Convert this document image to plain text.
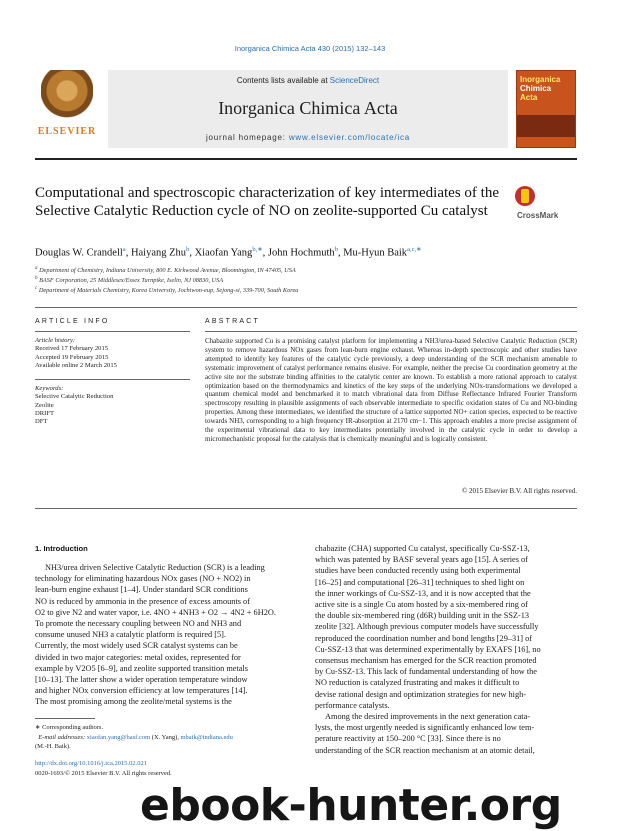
Inorganica Chimica Acta 430 (2015) 132–143
ELSEVIER
Contents lists available at ScienceDirect
Inorganica Chimica Acta
journal homepage: www.elsevier.com/locate/ica
Inorganica
Chimica
Acta
Computational and spectroscopic characterization of key intermediates of the Selective Catalytic Reduction cycle of NO on zeolite-supported Cu catalyst	CrossMark
Douglas W. Crandell$^a$, Haiyang Zhu$^b$, Xiaofan Yang$^{b,∗}$, John Hochmuth$^b$, Mu-Hyun Baik$^{a,c,∗}$
$^a$ Department of Chemistry, Indiana University, 800 E. Kirkwood Avenue, Bloomington, IN 47405, USA
$^b$ BASF Corporation, 25 Middlesex/Essex Turnpike, Iselin, NJ 08830, USA
$^c$ Department of Materials Chemistry, Korea University, Jochiwon-eup, Sejong-si, 339-700, South Korea
ARTICLE INFO	ABSTRACT
Article history:
Received 17 February 2015
Accepted 19 February 2015
Available online 2 March 2015
Keywords:
Selective Catalytic Reduction
Zeolite
DRIFT
DFT
Chabazite supported Cu is a promising catalyst platform for implementing a NH3/urea-based Selective Catalytic Reduction (SCR) system to remove hazardous NOx gases from lean-burn engine exhaust. Whereas in-depth spectroscopic and other studies have attempted to identify key features of the catalytic cycle previously, a deep understanding of the SCR mechanism amenable to systematic improvement of catalyst performance remains elusive. For example, neither the precise Cu coordination geometry at the active site nor the substrate binding affinities to the catalytic center are known. To establish a more rational approach to catalyst optimization based on the thermodynamics and kinetics of the key steps of the underlying NOx-transformations we developed a quantum chemical model and benchmarked it to match vibrational data from Diffuse Reflectance Infrared Fourier Transform spectroscopy resulting in plausible assignments of each observable intermediate to specific oxidation states of Cu and NO-binding properties. Among these intermediates, we identified the structure of a lattice supported NO+ cation species, expected to be reactive towards NH3, corresponding to a high frequency IR-absorption at 2170 cm−1. This approach enables a more precise assignment of the experimental vibrational data to key intermediates potentially involved in the catalytic cycle in order to develop a micromechanistic proposal for the catalysis that is chemically meaningful and is logically consistent.
© 2015 Elsevier B.V. All rights reserved.
1. Introduction
NH3/urea driven Selective Catalytic Reduction (SCR) is a leading
technology for eliminating hazardous NOx gases (NO + NO2) in
lean-burn engine exhaust [1–4]. Under standard SCR conditions
NO is reduced by ammonia in the presence of excess amounts of
O2 to give N2 and water vapor, i.e. 4NO + 4NH3 + O2 → 4N2 + 6H2O.
To promote the necessary coupling between NO and NH3 and
consume unused NH3 a catalytic platform is required [5].
Currently, the most widely used SCR catalyst systems can be
divided in two major categories: metal oxides, represented for
example by V2O5 [6–9], and zeolite supported transition metals
[10–13]. The latter show a wider operation temperature window
and higher NOx conversion efficiency at low temperatures [14].
The most promising among the zeolite/metal systems is the
chabazite (CHA) supported Cu catalyst, specifically Cu-SSZ-13,
which was patented by BASF several years ago [15]. A series of
studies have been conducted recently using both experimental
[16–25] and computational [26–31] techniques to shed light on
the inner workings of Cu-SSZ-13, and it is now accepted that the
active site is a single Cu atom hosted by a six-membered ring of
the double six-membered ring (d6R) building unit in the SSZ-13
zeolite [32]. Although previous computer models have successfully
reproduced the coordination number and bond lengths [29–31] of
Cu-SSZ-13 that was determined experimentally by EXAFS [16], no
consensus mechanism has emerged for the SCR reaction promoted
by Cu-SSZ-13. This lack of fundamental understanding of how the
NO reduction is catalyzed frustrating and makes it difficult to
devise rational design and optimization strategies for new high-
performance catalysts.
Among the desired improvements in the next generation cata-
lysts, the most urgently needed is significantly enhanced low tem-
perature reactivity at 150–200 °C [33]. Since there is no
understanding of the SCR reaction mechanism at an atomic detail,
∗ Corresponding authors.
E-mail addresses: xiaofan.yang@basf.com (X. Yang), mbaik@indiana.edu
(M.-H. Baik).
http://dx.doi.org/10.1016/j.ica.2015.02.021
0020-1693/© 2015 Elsevier B.V. All rights reserved.
ebook-hunter.org
